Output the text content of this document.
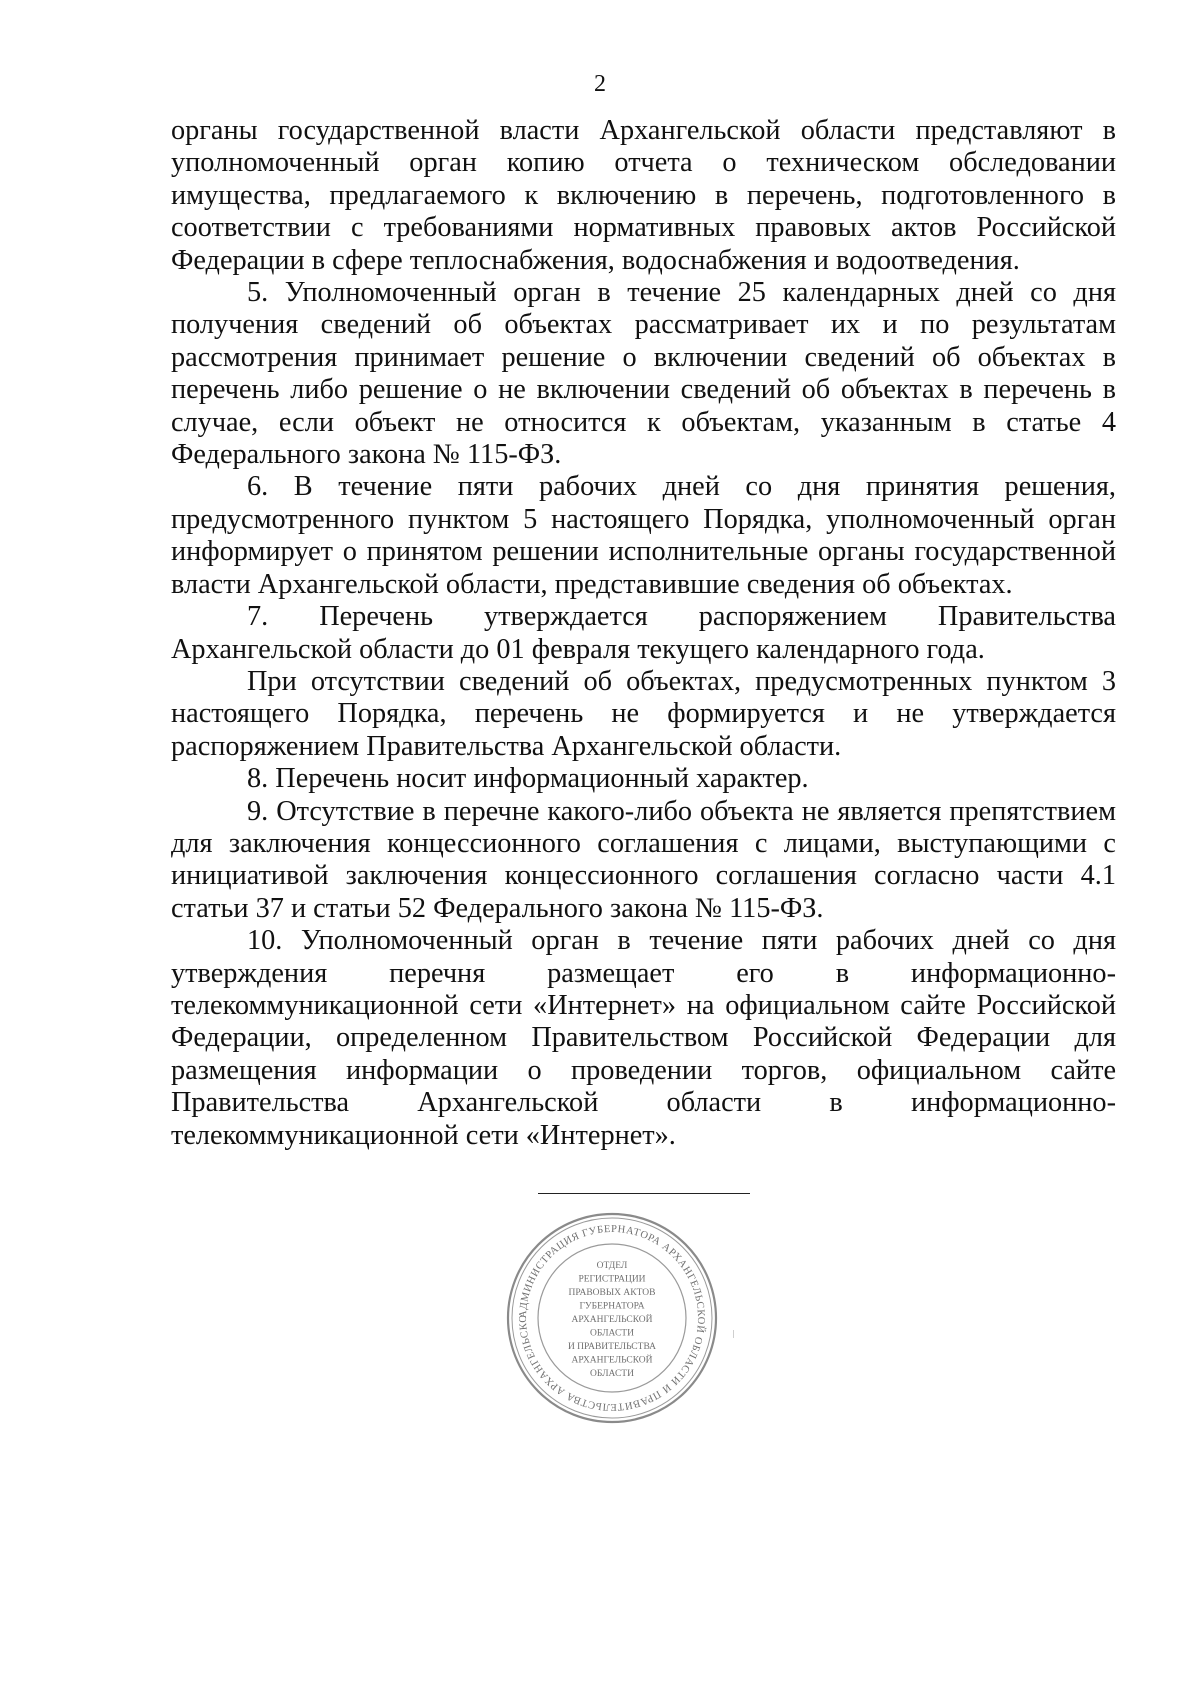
2

органы государственной власти Архангельской области представляют в уполномоченный орган копию отчета о техническом обследовании имущества, предлагаемого к включению в перечень, подготовленного в соответствии с требованиями нормативных правовых актов Российской Федерации в сфере теплоснабжения, водоснабжения и водоотведения.

5. Уполномоченный орган в течение 25 календарных дней со дня получения сведений об объектах рассматривает их и по результатам рассмотрения принимает решение о включении сведений об объектах в перечень либо решение о не включении сведений об объектах в перечень в случае, если объект не относится к объектам, указанным в статье 4 Федерального закона № 115-ФЗ.

6. В течение пяти рабочих дней со дня принятия решения, предусмотренного пунктом 5 настоящего Порядка, уполномоченный орган информирует о принятом решении исполнительные органы государственной власти Архангельской области, представившие сведения об объектах.

7. Перечень утверждается распоряжением Правительства Архангельской области до 01 февраля текущего календарного года.

При отсутствии сведений об объектах, предусмотренных пунктом 3 настоящего Порядка, перечень не формируется и не утверждается распоряжением Правительства Архангельской области.

8. Перечень носит информационный характер.

9. Отсутствие в перечне какого-либо объекта не является препятствием для заключения концессионного соглашения с лицами, выступающими с инициативой заключения концессионного соглашения согласно части 4.1 статьи 37 и статьи 52 Федерального закона № 115-ФЗ.

10. Уполномоченный орган в течение пяти рабочих дней со дня утверждения перечня размещает его в информационно-телекоммуникационной сети «Интернет» на официальном сайте Российской Федерации, определенном Правительством Российской Федерации для размещения информации о проведении торгов, официальном сайте Правительства Архангельской области в информационно-телекоммуникационной сети «Интернет».

АДМИНИСТРАЦИЯ ГУБЕРНАТОРА АРХАНГЕЛЬСКОЙ ОБЛАСТИ И ПРАВИТЕЛЬСТВА АРХАНГЕЛЬСКО
ОТДЕЛ
РЕГИСТРАЦИИ
ПРАВОВЫХ АКТОВ
ГУБЕРНАТОРА
АРХАНГЕЛЬСКОЙ
ОБЛАСТИ
И ПРАВИТЕЛЬСТВА
АРХАНГЕЛЬСКОЙ
ОБЛАСТИ
